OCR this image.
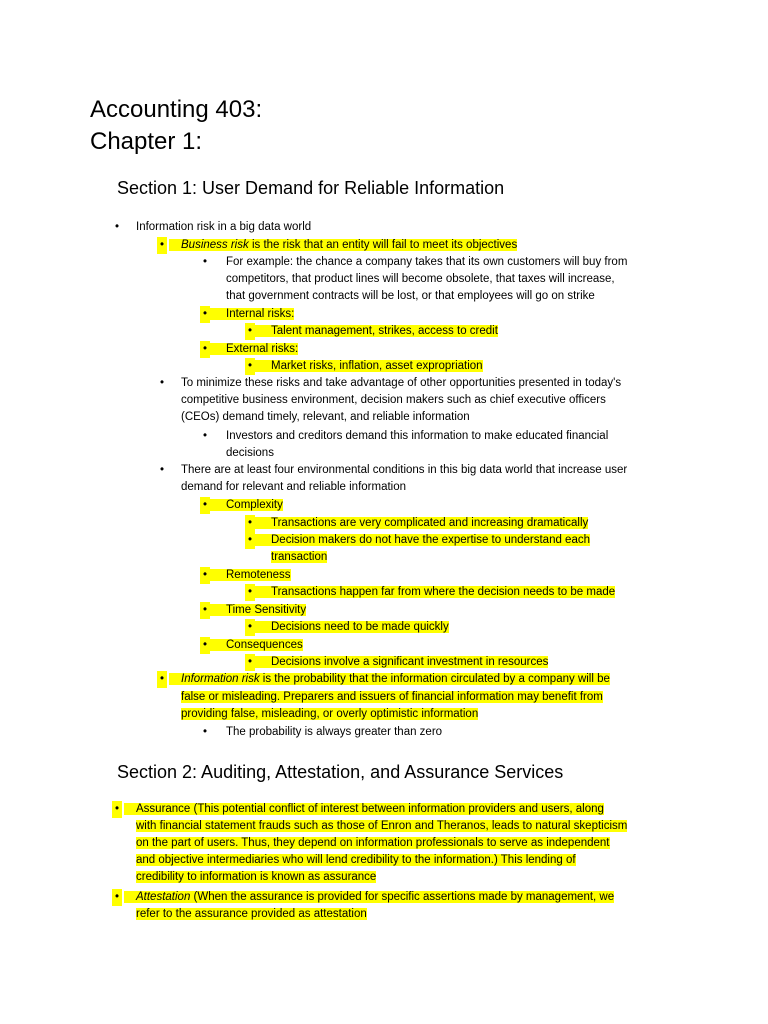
Accounting 403:
Chapter 1:
Section 1: User Demand for Reliable Information
• Information risk in a big data world
•	Business risk is the risk that an entity will fail to meet its objectives
• For example: the chance a company takes that its own customers will buy from
competitors, that product lines will become obsolete, that taxes will increase,
that government contracts will be lost, or that employees will go on strike
•	Internal risks:
•	Talent management, strikes, access to credit
•	External risks:
•	Market risks, inflation, asset expropriation
• To minimize these risks and take advantage of other opportunities presented in today's
competitive business environment, decision makers such as chief executive officers
(CEOs) demand timely, relevant, and reliable information
• Investors and creditors demand this information to make educated financial
decisions
• There are at least four environmental conditions in this big data world that increase user
demand for relevant and reliable information
•	Complexity
•	Transactions are very complicated and increasing dramatically
•	Decision makers do not have the expertise to understand each
transaction
•	Remoteness
•	Transactions happen far from where the decision needs to be made
•	Time Sensitivity
•	Decisions need to be made quickly
•	Consequences
•	Decisions involve a significant investment in resources
•	Information risk is the probability that the information circulated by a company will be
false or misleading. Preparers and issuers of financial information may benefit from
providing false, misleading, or overly optimistic information
• The probability is always greater than zero
Section 2: Auditing, Attestation, and Assurance Services
•	Assurance (This potential conflict of interest between information providers and users, along
with financial statement frauds such as those of Enron and Theranos, leads to natural skepticism
on the part of users. Thus, they depend on information professionals to serve as independent
and objective intermediaries who will lend credibility to the information.) This lending of
credibility to information is known as assurance
•	Attestation (When the assurance is provided for specific assertions made by management, we
refer to the assurance provided as attestation
